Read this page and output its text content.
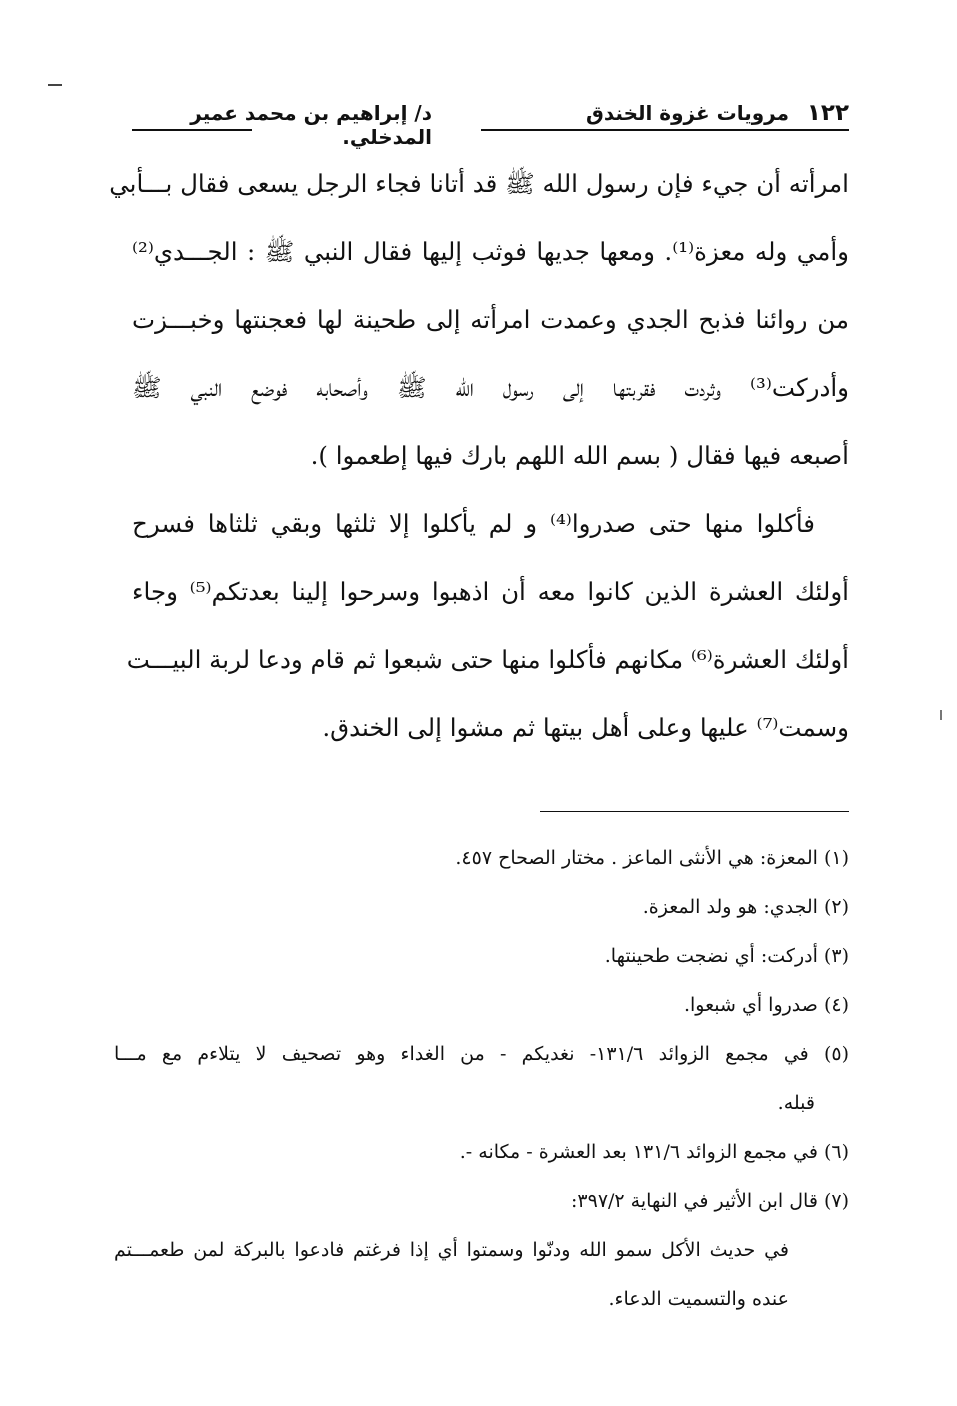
١٢٢
مرويات غزوة الخندق
د/ إبراهيم بن محمد عمير المدخلي.
امرأته أن جيء فإن رسول الله ﷺ قد أتانا فجاء الرجل يسعى فقال بـــأبي
وأمي وله معزة⁽¹⁾. ومعها جديها فوثب إليها فقال النبي ﷺ : الجـــدي⁽²⁾
من روائنا فذبح الجدي وعمدت امرأته إلى طحينة لها فعجنتها وخبـــزت
وأدركت⁽³⁾ وثردت فقربتها إلى رسول الله ﷺ وأصحابه فوضع النبي ﷺ
أصبعه فيها فقال ( بسم الله اللهم بارك فيها إطعموا ).
فأكلوا منها حتى صدروا⁽⁴⁾ و لم يأكلوا إلا ثلثها وبقي ثلثاها فسرح
أولئك العشرة الذين كانوا معه أن اذهبوا وسرحوا إلينا بعدتكم⁽⁵⁾ وجاء
أولئك العشرة⁽⁶⁾ مكانهم فأكلوا منها حتى شبعوا ثم قام ودعا لربة البيـــت
وسمت⁽⁷⁾ عليها وعلى أهل بيتها ثم مشوا إلى الخندق.
(١) المعزة: هي الأنثى الماعز . مختار الصحاح ٤٥٧.
(٢) الجدي: هو ولد المعزة.
(٣) أدركت: أي نضجت طحينتها.
(٤) صدروا أي شبعوا.
(٥) في مجمع الزوائد ١٣١/٦- نغديكم - من الغداء وهو تصحيف لا يتلاءم مع مـــا
قبله.
(٦) في مجمع الزوائد ١٣١/٦ بعد العشرة - مكانه -.
(٧) قال ابن الأثير في النهاية ٣٩٧/٢:
في حديث الأكل سمو الله ودنّوا وسمتوا أي إذا فرغتم فادعوا بالبركة لمن طعمـــتم
عنده والتسميت الدعاء.
